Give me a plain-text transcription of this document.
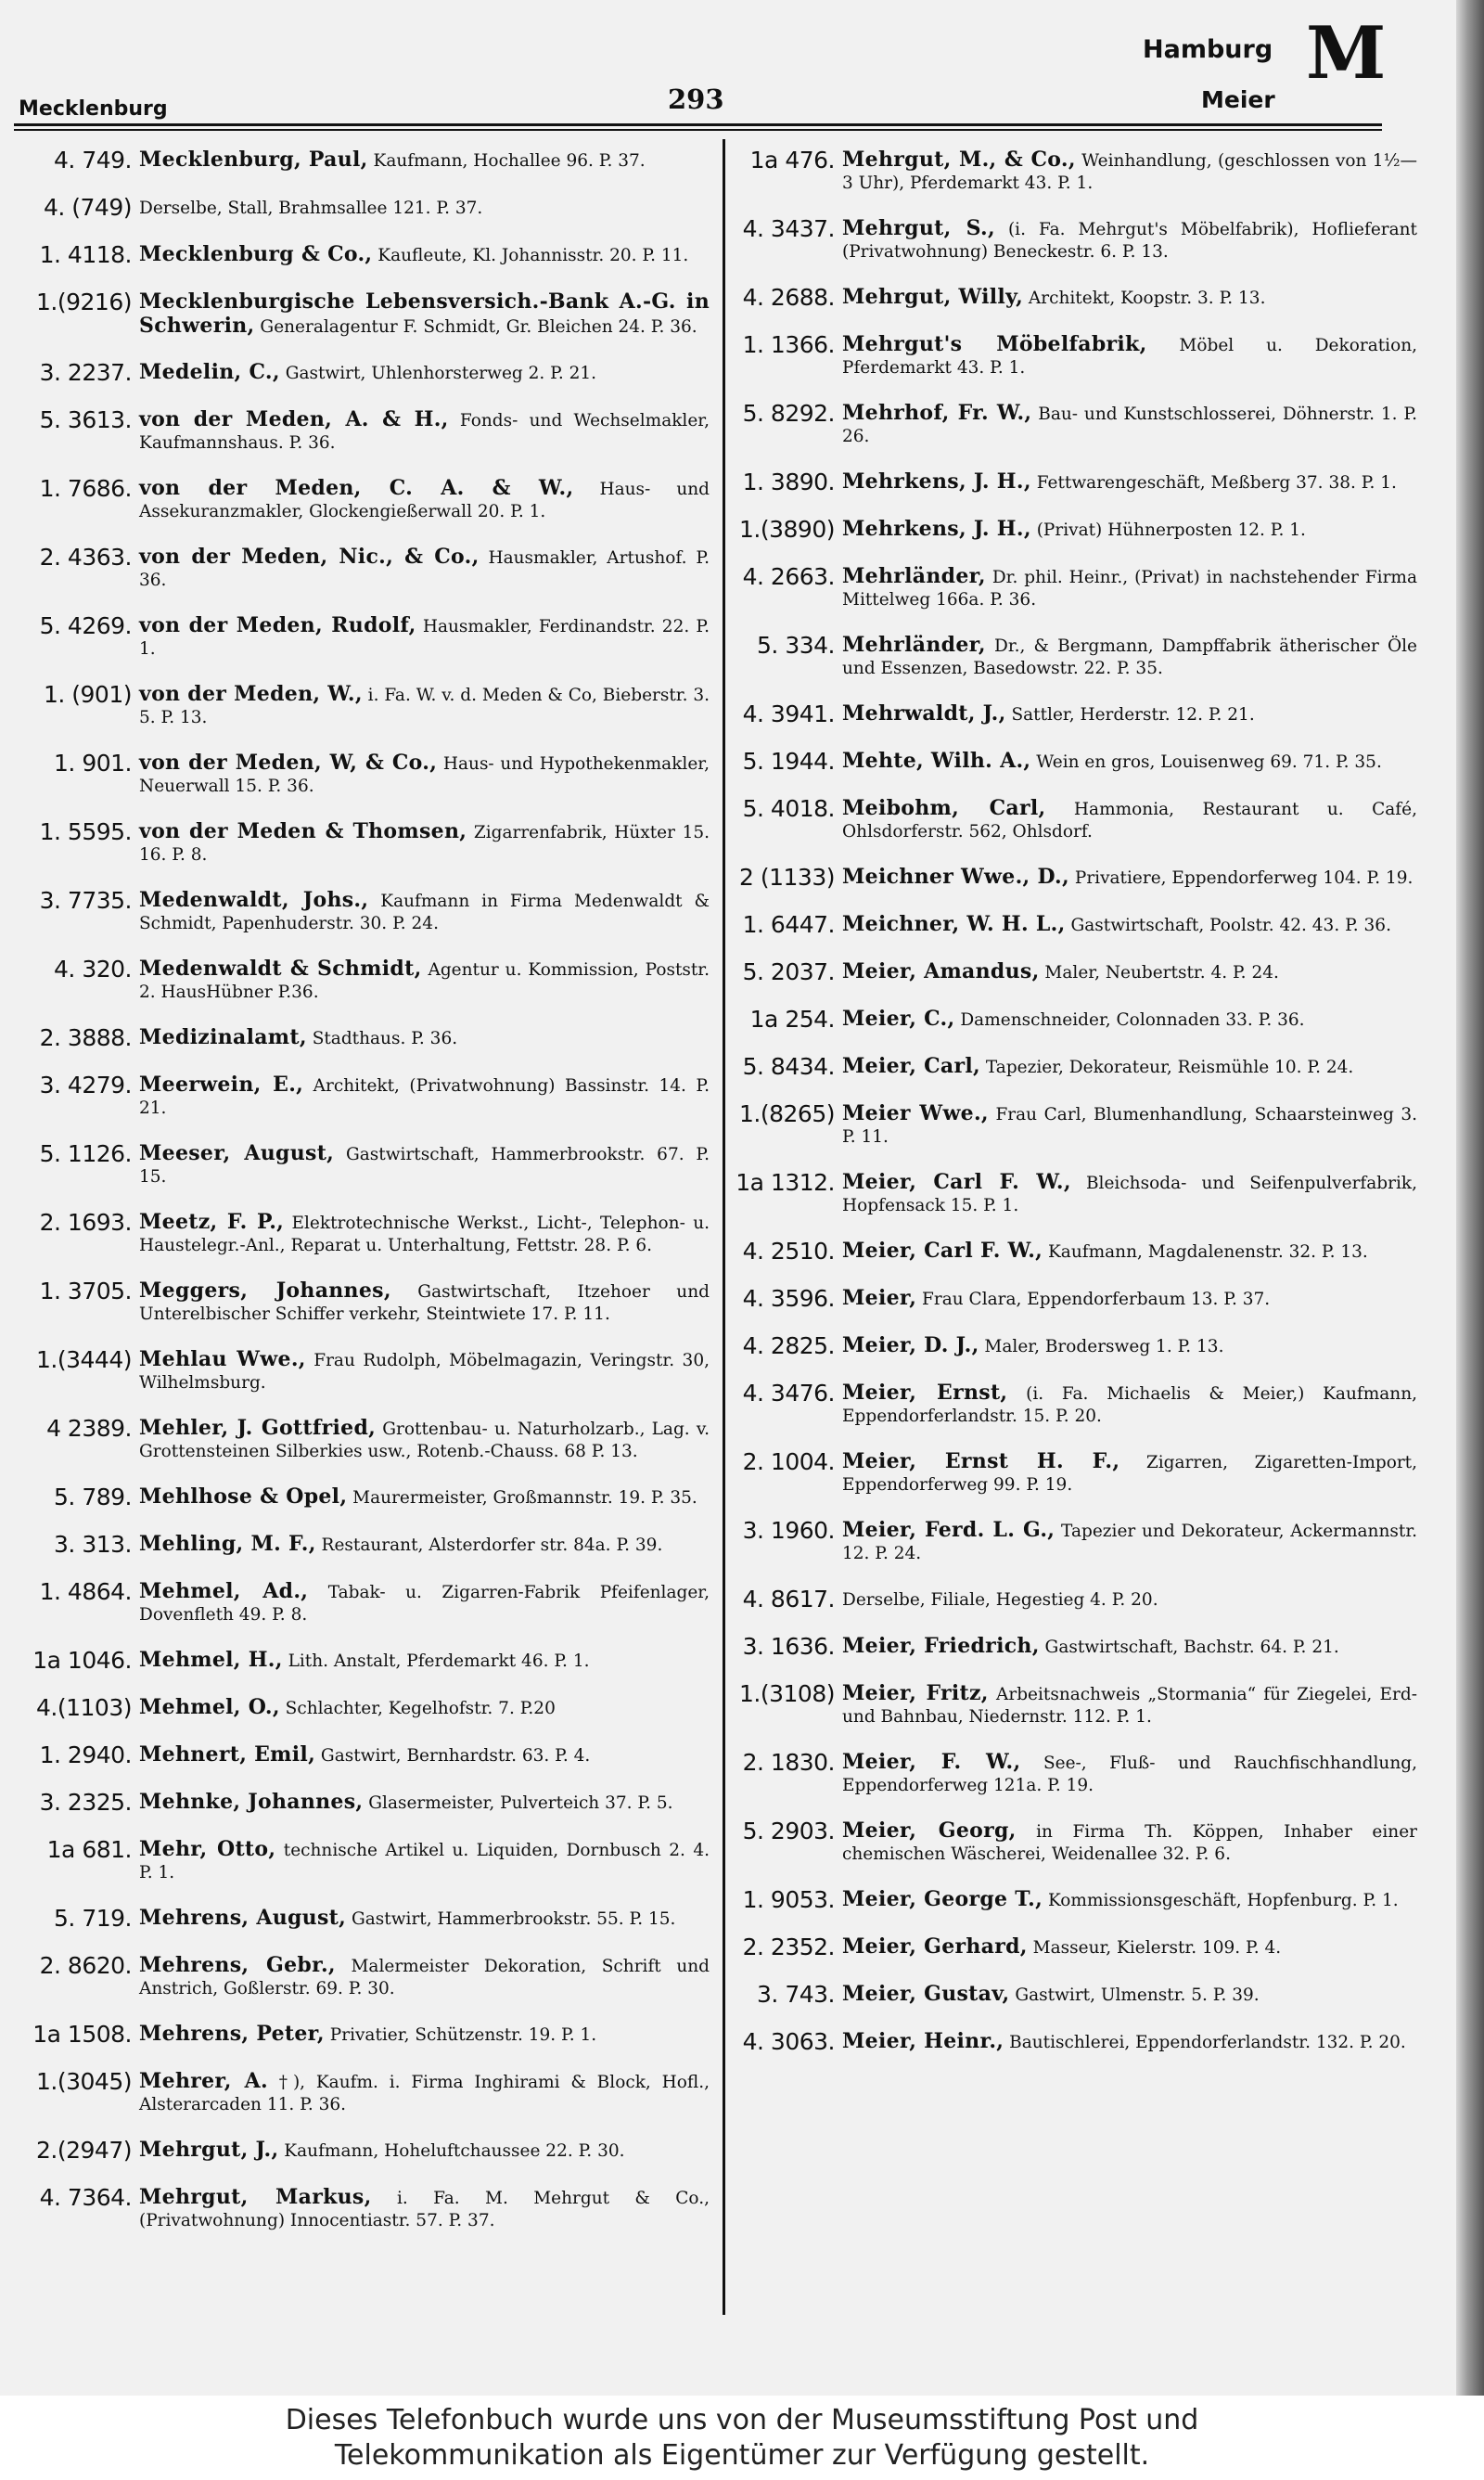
Hamburg
Meier
M
Mecklenburg	293
4. 749. Mecklenburg, Paul, Kaufmann, Hochallee 96. P. 37.
4. (749) Derselbe, Stall, Brahmsallee 121. P. 37.
1. 4118. Mecklenburg & Co., Kaufleute, Kl. Johannisstr. 20. P. 11.
1.(9216) Mecklenburgische Lebensversich.-Bank A.-G. in Schwerin, Generalagentur F. Schmidt, Gr. Bleichen 24. P. 36.
3. 2237. Medelin, C., Gastwirt, Uhlenhorsterweg 2. P. 21.
5. 3613. von der Meden, A. & H., Fonds- und Wechselmakler, Kaufmannshaus. P. 36.
1. 7686. von der Meden, C. A. & W., Haus- und Assekuranzmakler, Glockengießerwall 20. P. 1.
2. 4363. von der Meden, Nic., & Co., Hausmakler, Artushof. P. 36.
5. 4269. von der Meden, Rudolf, Hausmakler, Ferdinandstr. 22. P. 1.
1. (901) von der Meden, W., i. Fa. W. v. d. Meden & Co, Bieberstr. 3. 5. P. 13.
1. 901. von der Meden, W, & Co., Haus- und Hypothekenmakler, Neuerwall 15. P. 36.
1. 5595. von der Meden & Thomsen, Zigarrenfabrik, Hüxter 15. 16. P. 8.
3. 7735. Medenwaldt, Johs., Kaufmann in Firma Medenwaldt & Schmidt, Papenhuderstr. 30. P. 24.
4. 320. Medenwaldt & Schmidt, Agentur u. Kommission, Poststr. 2. HausHübner P.36.
2. 3888. Medizinalamt, Stadthaus. P. 36.
3. 4279. Meerwein, E., Architekt, (Privatwohnung) Bassinstr. 14. P. 21.
5. 1126. Meeser, August, Gastwirtschaft, Hammerbrookstr. 67. P. 15.
2. 1693. Meetz, F. P., Elektrotechnische Werkst., Licht-, Telephon- u. Haustelegr.-Anl., Reparat u. Unterhaltung, Fettstr. 28. P. 6.
1. 3705. Meggers, Johannes, Gastwirtschaft, Itzehoer und Unterelbischer Schiffer verkehr, Steintwiete 17. P. 11.
1.(3444) Mehlau Wwe., Frau Rudolph, Möbelmagazin, Veringstr. 30, Wilhelmsburg.
4 2389. Mehler, J. Gottfried, Grottenbau- u. Naturholzarb., Lag. v. Grottensteinen Silberkies usw., Rotenb.-Chauss. 68 P. 13.
5. 789. Mehlhose & Opel, Maurermeister, Großmannstr. 19. P. 35.
3. 313. Mehling, M. F., Restaurant, Alsterdorfer str. 84a. P. 39.
1. 4864. Mehmel, Ad., Tabak- u. Zigarren-Fabrik Pfeifenlager, Dovenfleth 49. P. 8.
1a 1046. Mehmel, H., Lith. Anstalt, Pferdemarkt 46. P. 1.
4.(1103) Mehmel, O., Schlachter, Kegelhofstr. 7. P.20
1. 2940. Mehnert, Emil, Gastwirt, Bernhardstr. 63. P. 4.
3. 2325. Mehnke, Johannes, Glasermeister, Pulverteich 37. P. 5.
1a 681. Mehr, Otto, technische Artikel u. Liquiden, Dornbusch 2. 4. P. 1.
5. 719. Mehrens, August, Gastwirt, Hammerbrookstr. 55. P. 15.
2. 8620. Mehrens, Gebr., Malermeister Dekoration, Schrift und Anstrich, Goßlerstr. 69. P. 30.
1a 1508. Mehrens, Peter, Privatier, Schützenstr. 19. P. 1.
1.(3045) Mehrer, A. †), Kaufm. i. Firma Inghirami & Block, Hofl., Alsterarcaden 11. P. 36.
2.(2947) Mehrgut, J., Kaufmann, Hoheluftchaussee 22. P. 30.
4. 7364. Mehrgut, Markus, i. Fa. M. Mehrgut & Co., (Privatwohnung) Innocentiastr. 57. P. 37.
1a 476. Mehrgut, M., & Co., Weinhandlung, (geschlossen von 1½—3 Uhr), Pferdemarkt 43. P. 1.
4. 3437. Mehrgut, S., (i. Fa. Mehrgut's Möbelfabrik), Hoflieferant (Privatwohnung) Beneckestr. 6. P. 13.
4. 2688. Mehrgut, Willy, Architekt, Koopstr. 3. P. 13.
1. 1366. Mehrgut's Möbelfabrik, Möbel u. Dekoration, Pferdemarkt 43. P. 1.
5. 8292. Mehrhof, Fr. W., Bau- und Kunstschlosserei, Döhnerstr. 1. P. 26.
1. 3890. Mehrkens, J. H., Fettwarengeschäft, Meßberg 37. 38. P. 1.
1.(3890) Mehrkens, J. H., (Privat) Hühnerposten 12. P. 1.
4. 2663. Mehrländer, Dr. phil. Heinr., (Privat) in nachstehender Firma Mittelweg 166a. P. 36.
5. 334. Mehrländer, Dr., & Bergmann, Dampffabrik ätherischer Öle und Essenzen, Basedowstr. 22. P. 35.
4. 3941. Mehrwaldt, J., Sattler, Herderstr. 12. P. 21.
5. 1944. Mehte, Wilh. A., Wein en gros, Louisenweg 69. 71. P. 35.
5. 4018. Meibohm, Carl, Hammonia, Restaurant u. Café, Ohlsdorferstr. 562, Ohlsdorf.
2 (1133) Meichner Wwe., D., Privatiere, Eppendorferweg 104. P. 19.
1. 6447. Meichner, W. H. L., Gastwirtschaft, Poolstr. 42. 43. P. 36.
5. 2037. Meier, Amandus, Maler, Neubertstr. 4. P. 24.
1a 254. Meier, C., Damenschneider, Colonnaden 33. P. 36.
5. 8434. Meier, Carl, Tapezier, Dekorateur, Reismühle 10. P. 24.
1.(8265) Meier Wwe., Frau Carl, Blumenhandlung, Schaarsteinweg 3. P. 11.
1a 1312. Meier, Carl F. W., Bleichsoda- und Seifenpulverfabrik, Hopfensack 15. P. 1.
4. 2510. Meier, Carl F. W., Kaufmann, Magdalenenstr. 32. P. 13.
4. 3596. Meier, Frau Clara, Eppendorferbaum 13. P. 37.
4. 2825. Meier, D. J., Maler, Brodersweg 1. P. 13.
4. 3476. Meier, Ernst, (i. Fa. Michaelis & Meier,) Kaufmann, Eppendorferlandstr. 15. P. 20.
2. 1004. Meier, Ernst H. F., Zigarren, Zigaretten-Import, Eppendorferweg 99. P. 19.
3. 1960. Meier, Ferd. L. G., Tapezier und Dekorateur, Ackermannstr. 12. P. 24.
4. 8617. Derselbe, Filiale, Hegestieg 4. P. 20.
3. 1636. Meier, Friedrich, Gastwirtschaft, Bachstr. 64. P. 21.
1.(3108) Meier, Fritz, Arbeitsnachweis „Stormania“ für Ziegelei, Erd- und Bahnbau, Niedernstr. 112. P. 1.
2. 1830. Meier, F. W., See-, Fluß- und Rauchfischhandlung, Eppendorferweg 121a. P. 19.
5. 2903. Meier, Georg, in Firma Th. Köppen, Inhaber einer chemischen Wäscherei, Weidenallee 32. P. 6.
1. 9053. Meier, George T., Kommissionsgeschäft, Hopfenburg. P. 1.
2. 2352. Meier, Gerhard, Masseur, Kielerstr. 109. P. 4.
3. 743. Meier, Gustav, Gastwirt, Ulmenstr. 5. P. 39.
4. 3063. Meier, Heinr., Bautischlerei, Eppendorferlandstr. 132. P. 20.
Dieses Telefonbuch wurde uns von der Museumsstiftung Post und
Telekommunikation als Eigentümer zur Verfügung gestellt.
